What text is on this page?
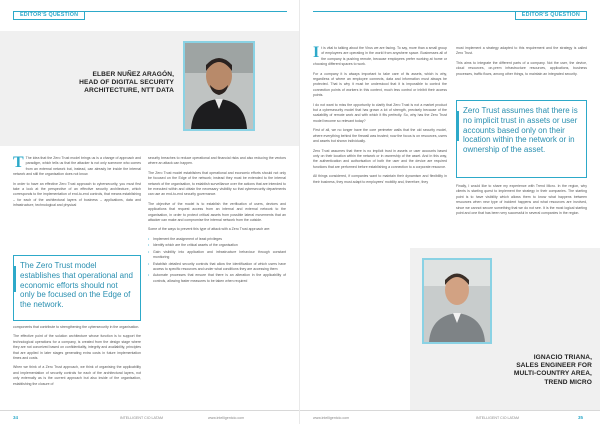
EDITOR'S QUESTION
ELBER NUÑEZ ARAGÓN,
HEAD OF DIGITAL SECURITY
ARCHITECTURE, NTT DATA

T The idea that the Zero Trust model brings us is a change of approach and paradigm, which tells us that the attacker is not only someone who comes from an external network but, instead, can already be inside the internal network and still the organisation does not know.

In order to have an effective Zero Trust approach to cybersecurity, you must first take a look at the perspective of an effective security architecture, which corresponds to the implementation of end-to-end controls, that means establishing – for each of the architectural layers of business – applications, data and infrastructure, technological and physical

The Zero Trust model establishes that operational and economic efforts should not only be focused on the Edge of the network.

components that contribute to strengthening the cybersecurity in the organisation.

The effective point of the solution architecture whose function is to support the technological operations for a company, is created from the design stage where they are not conceived based on confidentiality, integrity and availability, principles that are applied in later stages generating extra costs in future implementation times and costs.

When we think of a Zero Trust approach, we think of organising the applicability and implementation of security controls for each of the architectural layers, not only externally as is the current approach but also inside of the organisation, establishing the closure of

security breaches to reduce operational and financial risks and also reducing the vectors where an attack can happen.

The Zero Trust model establishes that operational and economic efforts should not only be focused on the Edge of the network; instead they must be extended to the internal network of the organisation, to establish surveillance over the actions that are intended to be executed within and obtain the necessary visibility so that cybersecurity departments can use an end-to-end security governance.

The objective of the model is to establish the verification of users, devices and applications that request access from an internal and external network to the organisation, in order to protect critical assets from possible lateral movements that an attacker can make and compromise the internal network from the outside.

Some of the ways to prevent this type of attack with a Zero Trust approach are:

• Implement the assignment of least privileges
• Identify which are the critical assets of the organisation
• Gain visibility into application and infrastructure behaviour through constant monitoring
• Establish detailed security controls that allow the identification of which users have access to specific resources and under what conditions they are accessing them
• Automate processes that ensure that there is an alteration in the applicability of controls, allowing faster measures to be taken when required
34	INTELLIGENT CIO LATAM	www.intelligentcio.com
EDITOR'S QUESTION

It is vital to talking about the Virus we are facing. To say, more than a small group of employees are operating in the world from anywhere space. Businesses all of the company is pushing remote, because employees prefer working at home or choosing different spaces to work.

For a company it is always important to take care of its assets, which is why, regardless of where an employee connects, data and information must always be protected. That is why it must be understood that it is impossible to control the connection points of workers in this context, much less control or inhibit their access points.

I do not want to miss the opportunity to clarify that Zero Trust is not a market product but a cybersecurity model that has grown a lot of strength, precisely because of the scalability of remote work and with which it fits perfectly. So, why has the Zero Trust model become so relevant today?

First of all, we no longer have the core perimeter walls that the old security model, where everything behind the firewall was trusted; now the focus is on resources, users and assets but shown individually.

Zero Trust assumes that there is no implicit trust in assets or user accounts based only on their location within the network or in ownership of the asset. And in this way, the authentication and authorisation of both the user and the device are required functions that are performed before establishing a connection to a corporate resource.

All things considered, if companies want to maintain their dynamism and flexibility in their business, they must adapt to employees' mobility and, therefore, they

must implement a strategy adapted to this requirement and the strategy is called Zero Trust.

This aims to integrate the different parts of a company. Not the user, the device, cloud resources, on-prem infrastructure resources, applications, business processes, traffic flows, among other things, to maintain an integrated security.

Zero Trust assumes that there is no implicit trust in assets or user accounts based only on their location within the network or in ownership of the asset.

Finally, I would like to share my experience with Trend Micro. In the region, why clients is starting quest to implement the strategy in their companies. The starting point is to have visibility which allows them to know what happens between resources when new type of incident happens and what resources are involved, since we cannot secure something that we do not see. It is the most logical starting point and one that has been very successful in several companies in the region.

IGNACIO TRIANA,
SALES ENGINEER FOR
MULTI-COUNTRY AREA,
TREND MICRO
www.intelligentcio.com	INTELLIGENT CIO LATAM	35
